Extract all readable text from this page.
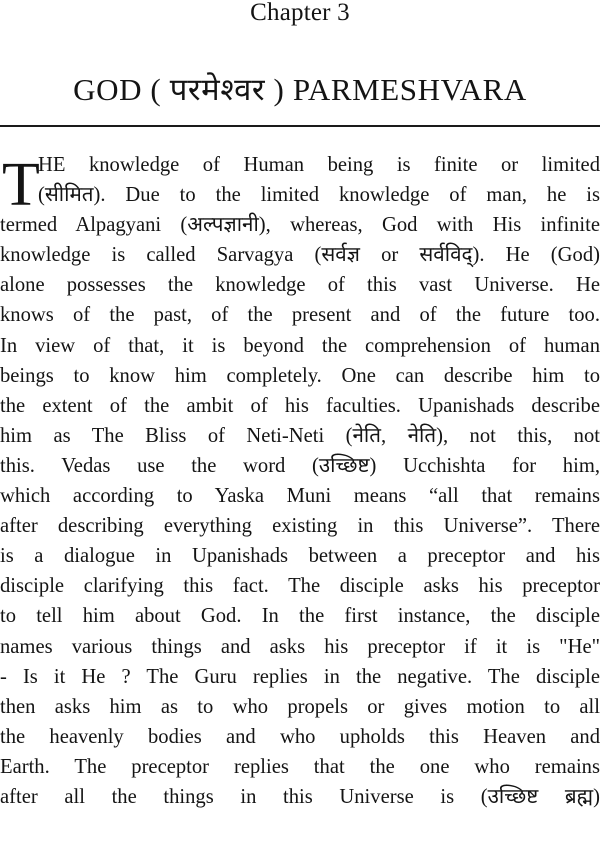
Chapter 3
GOD ( परमेश्वर ) PARMESHVARA
T
HE knowledge of Human being is finite or limited
(सीमित). Due to the limited knowledge of man, he is
termed Alpagyani (अल्पज्ञानी), whereas, God with His infinite
knowledge is called Sarvagya (सर्वज्ञ or सर्वविद्). He (God)
alone possesses the knowledge of this vast Universe. He
knows of the past, of the present and of the future too.
In view of that, it is beyond the comprehension of human
beings to know him completely. One can describe him to
the extent of the ambit of his faculties. Upanishads describe
him as The Bliss of Neti-Neti (नेति, नेति), not this, not
this. Vedas use the word (उच्छिष्ट) Ucchishta for him,
which according to Yaska Muni means “all that remains
after describing everything existing in this Universe”. There
is a dialogue in Upanishads between a preceptor and his
disciple clarifying this fact. The disciple asks his preceptor
to tell him about God. In the first instance, the disciple
names various things and asks his preceptor if it is "He"
- Is it He ? The Guru replies in the negative. The disciple
then asks him as to who propels or gives motion to all
the heavenly bodies and who upholds this Heaven and
Earth. The preceptor replies that the one who remains
after all the things in this Universe is (उच्छिष्ट ब्रह्म)
